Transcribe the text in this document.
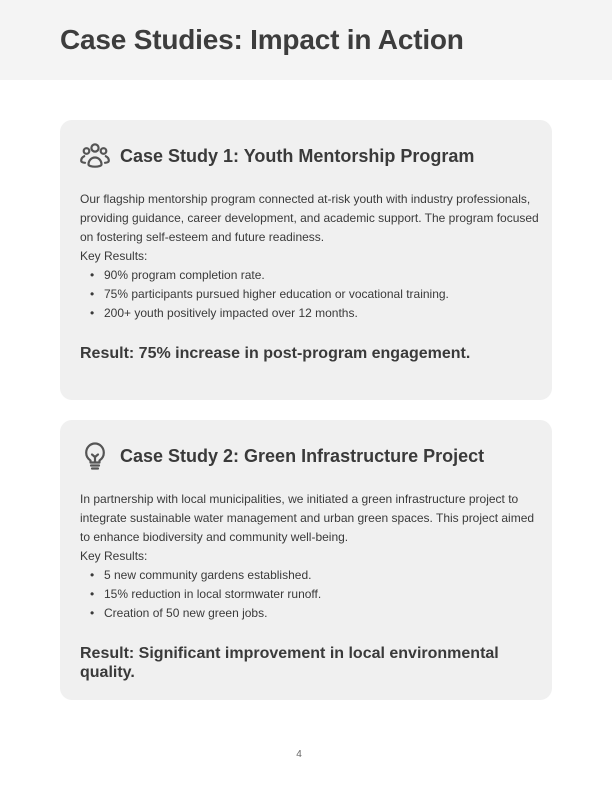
Case Studies: Impact in Action
Case Study 1: Youth Mentorship Program

Our flagship mentorship program connected at-risk youth with industry professionals, providing guidance, career development, and academic support. The program focused on fostering self-esteem and future readiness.

Key Results:
• 90% program completion rate.
• 75% participants pursued higher education or vocational training.
• 200+ youth positively impacted over 12 months.

Result: 75% increase in post-program engagement.

Case Study 2: Green Infrastructure Project

In partnership with local municipalities, we initiated a green infrastructure project to integrate sustainable water management and urban green spaces. This project aimed to enhance biodiversity and community well-being.

Key Results:
• 5 new community gardens established.
• 15% reduction in local stormwater runoff.
• Creation of 50 new green jobs.

Result: Significant improvement in local environmental quality.

4
